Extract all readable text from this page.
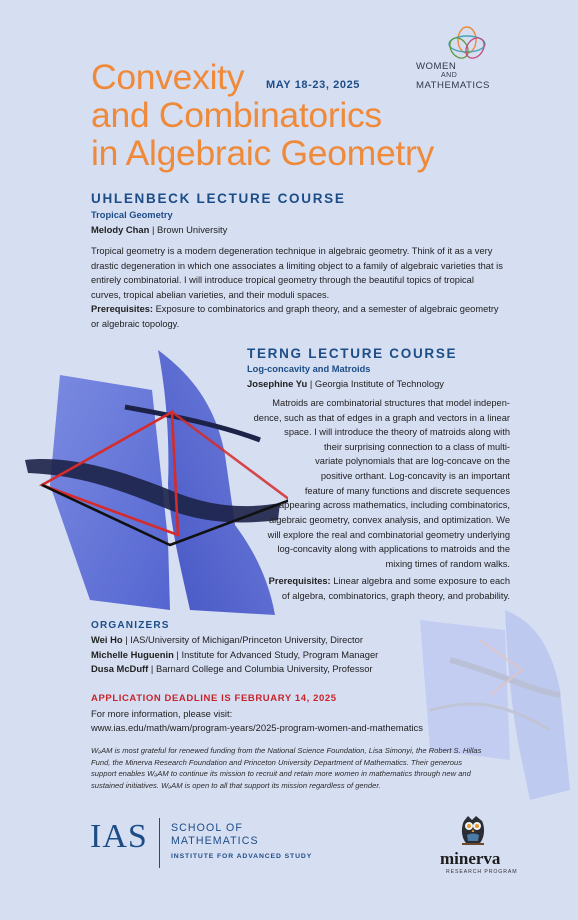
Convexity
and Combinatorics
in Algebraic Geometry
MAY 18-23, 2025
WOMEN
AND
MATHEMATICS
UHLENBECK LECTURE COURSE
Tropical Geometry
Melody Chan | Brown University
Tropical geometry is a modern degeneration technique in algebraic geometry. Think of it as a very
drastic degeneration in which one associates a limiting object to a family of algebraic varieties that is
entirely combinatorial. I will introduce tropical geometry through the beautiful topics of tropical
curves, tropical abelian varieties, and their moduli spaces.
Prerequisites: Exposure to combinatorics and graph theory, and a semester of algebraic geometry
or algebraic topology.
TERNG LECTURE COURSE
Log-concavity and Matroids
Josephine Yu | Georgia Institute of Technology
Matroids are combinatorial structures that model indepen-
dence, such as that of edges in a graph and vectors in a linear
space. I will introduce the theory of matroids along with
their surprising connection to a class of multi-
variate polynomials that are log-concave on the
positive orthant. Log-concavity is an important
feature of many functions and discrete sequences
appearing across mathematics, including combinatorics,
algebraic geometry, convex analysis, and optimization. We
will explore the real and combinatorial geometry underlying
log-concavity along with applications to matroids and the
mixing times of random walks.
Prerequisites: Linear algebra and some exposure to each
of algebra, combinatorics, graph theory, and probability.
ORGANIZERS
Wei Ho | IAS/University of Michigan/Princeton University, Director
Michelle Huguenin | Institute for Advanced Study, Program Manager
Dusa McDuff | Barnard College and Columbia University, Professor
APPLICATION DEADLINE IS FEBRUARY 14, 2025
For more information, please visit:
www.ias.edu/math/wam/program-years/2025-program-women-and-mathematics
WₔAM is most grateful for renewed funding from the National Science Foundation, Lisa Simonyi, the Robert S. Hillas
Fund, the Minerva Research Foundation and Princeton University Department of Mathematics. Their generous
support enables WₔAM to continue its mission to recruit and retain more women in mathematics through new and
sustained initiatives. WₔAM is open to all that support its mission regardless of gender.
IAS SCHOOL OF
MATHEMATICS
INSTITUTE FOR ADVANCED STUDY	minerva
RESEARCH PROGRAM
